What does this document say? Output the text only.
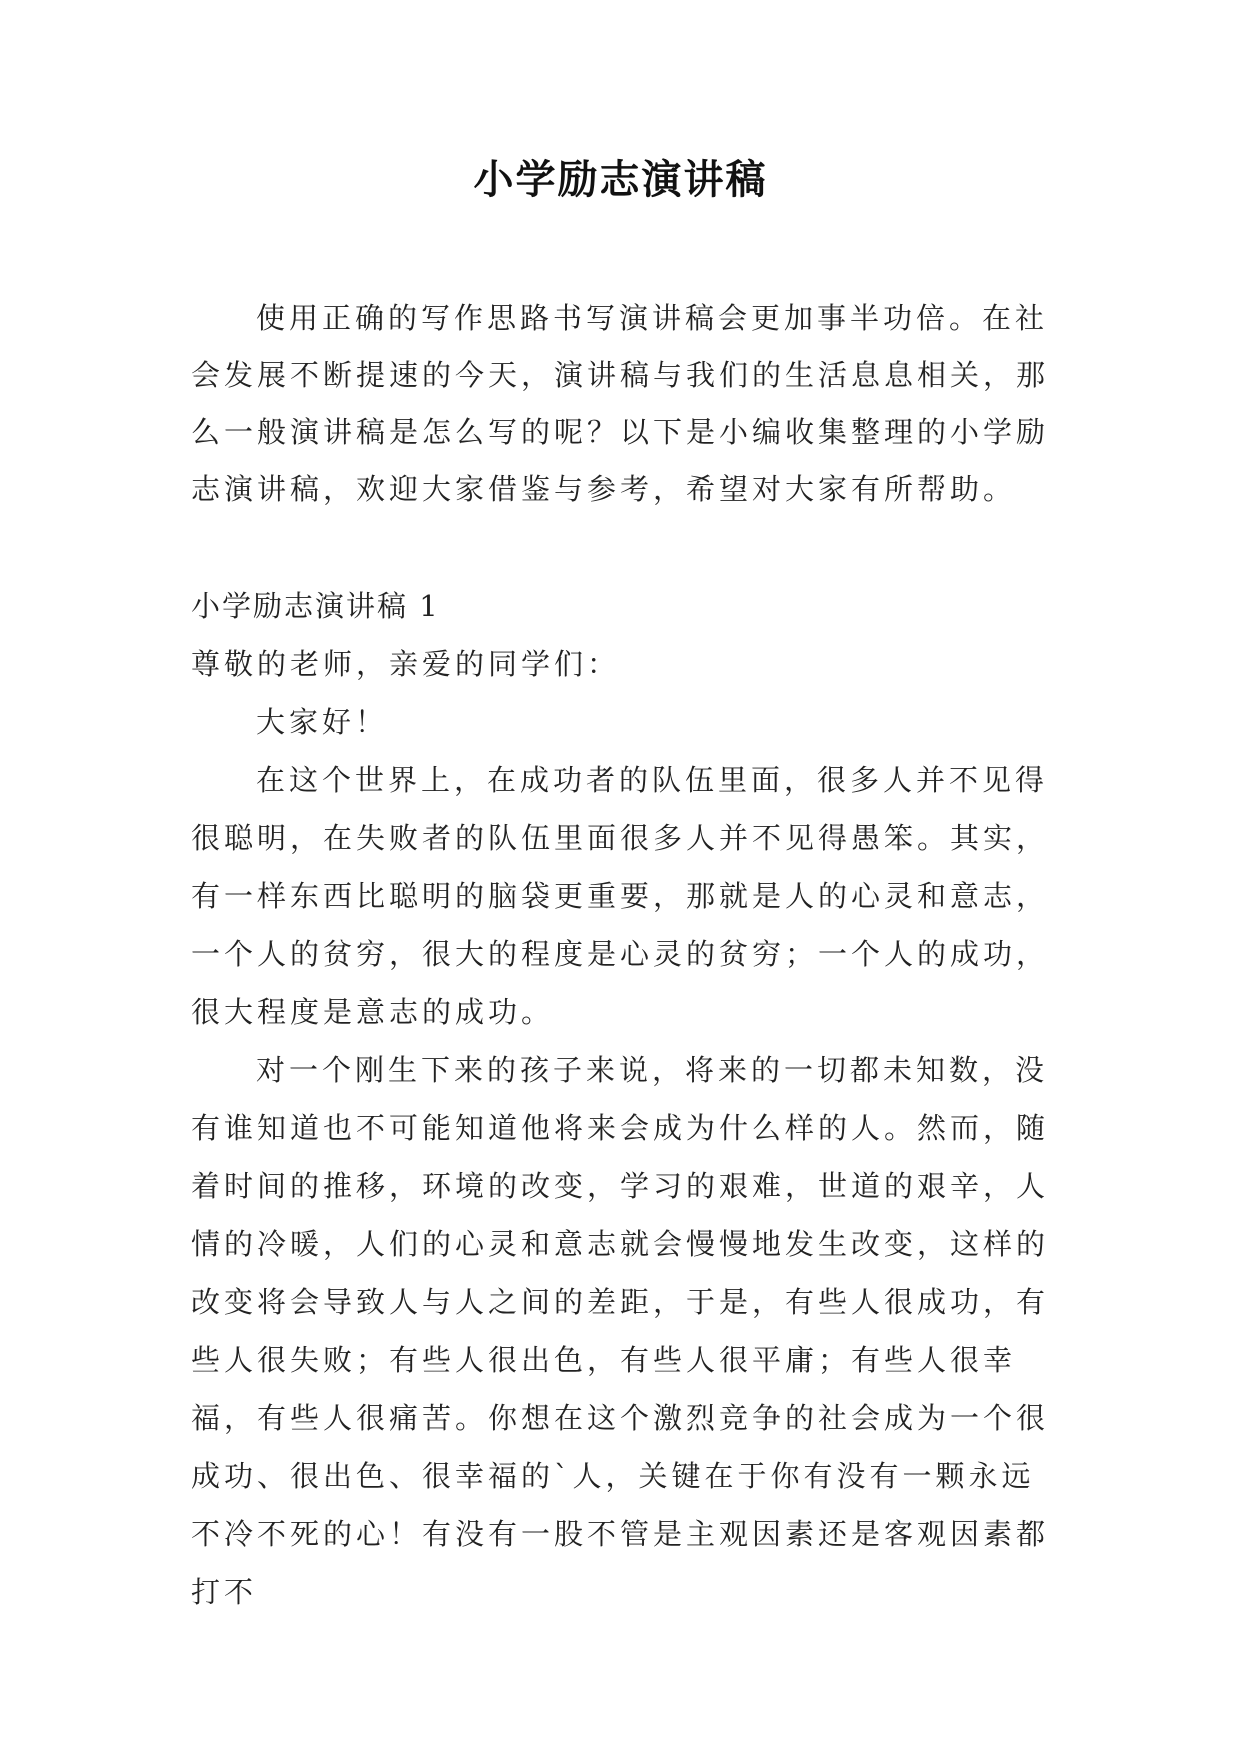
小学励志演讲稿

使用正确的写作思路书写演讲稿会更加事半功倍。在社会发展不断提速的今天，演讲稿与我们的生活息息相关，那么一般演讲稿是怎么写的呢？以下是小编收集整理的小学励志演讲稿，欢迎大家借鉴与参考，希望对大家有所帮助。

小学励志演讲稿 1

尊敬的老师，亲爱的同学们：

大家好！

在这个世界上，在成功者的队伍里面，很多人并不见得很聪明，在失败者的队伍里面很多人并不见得愚笨。其实，有一样东西比聪明的脑袋更重要，那就是人的心灵和意志，一个人的贫穷，很大的程度是心灵的贫穷；一个人的成功，很大程度是意志的成功。

对一个刚生下来的孩子来说，将来的一切都未知数，没有谁知道也不可能知道他将来会成为什么样的人。然而，随着时间的推移，环境的改变，学习的艰难，世道的艰辛，人情的冷暖，人们的心灵和意志就会慢慢地发生改变，这样的改变将会导致人与人之间的差距，于是，有些人很成功，有些人很失败；有些人很出色，有些人很平庸；有些人很幸福，有些人很痛苦。你想在这个激烈竞争的社会成为一个很成功、很出色、很幸福的`人，关键在于你有没有一颗永远不冷不死的心！有没有一股不管是主观因素还是客观因素都打不
